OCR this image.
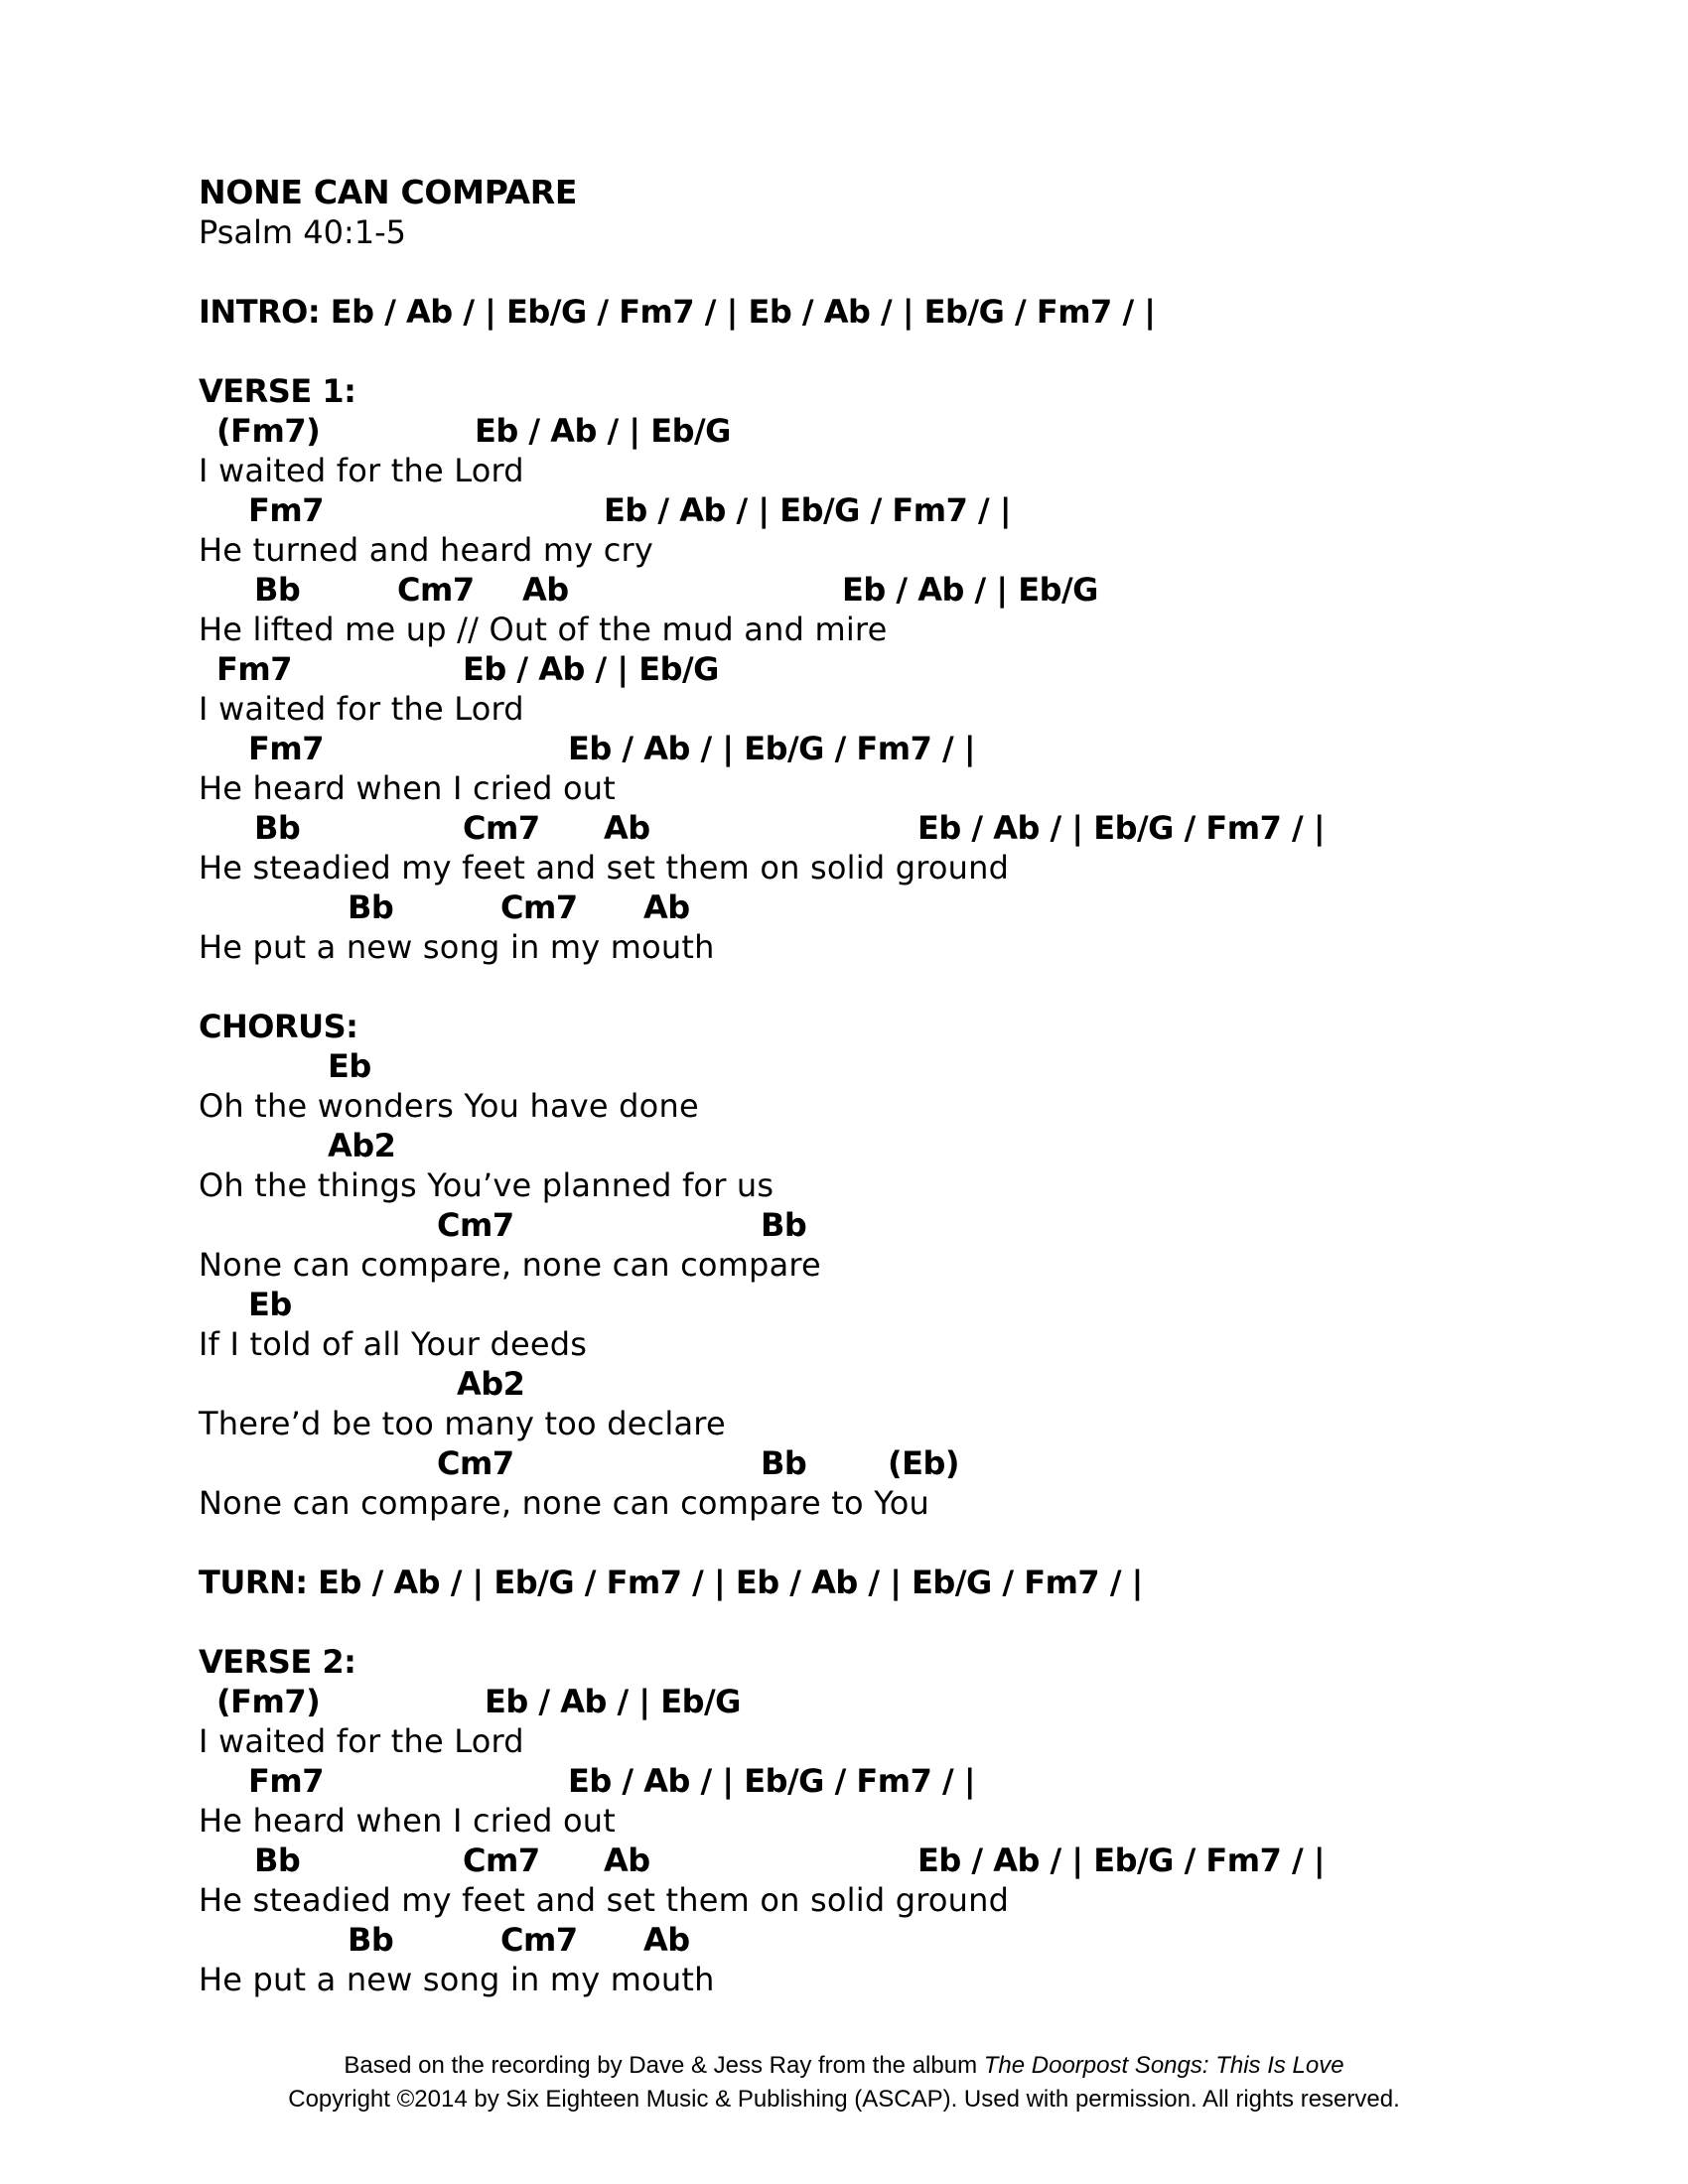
NONE CAN COMPARE
Psalm 40:1-5
INTRO: Eb / Ab / | Eb/G / Fm7 / | Eb / Ab / | Eb/G / Fm7 / |
VERSE 1:
(Fm7)	Eb / Ab / | Eb/G
I waited for the Lord
Fm7	Eb / Ab / | Eb/G / Fm7 / |
He turned and heard my cry
Bb	Cm7 Ab	Eb / Ab / | Eb/G
He lifted me up // Out of the mud and mire
Fm7	Eb / Ab / | Eb/G
I waited for the Lord
Fm7	Eb / Ab / | Eb/G / Fm7 / |
He heard when I cried out
Bb	Cm7 Ab	Eb / Ab / | Eb/G / Fm7 / |
He steadied my feet and set them on solid ground
Bb	Cm7 Ab
He put a new song in my mouth
CHORUS:
Eb
Oh the wonders You have done
Ab2
Oh the things You’ve planned for us
Cm7	Bb
None can compare, none can compare
Eb
If I told of all Your deeds
Ab2
There’d be too many too declare
Cm7	Bb	(Eb)
None can compare, none can compare to You
TURN: Eb / Ab / | Eb/G / Fm7 / | Eb / Ab / | Eb/G / Fm7 / |
VERSE 2:
(Fm7)	Eb / Ab / | Eb/G
I waited for the Lord
Fm7	Eb / Ab / | Eb/G / Fm7 / |
He heard when I cried out
Bb	Cm7 Ab	Eb / Ab / | Eb/G / Fm7 / |
He steadied my feet and set them on solid ground
Bb	Cm7 Ab
He put a new song in my mouth
Based on the recording by Dave & Jess Ray from the album The Doorpost Songs: This Is Love
Copyright ©2014 by Six Eighteen Music & Publishing (ASCAP). Used with permission. All rights reserved.
